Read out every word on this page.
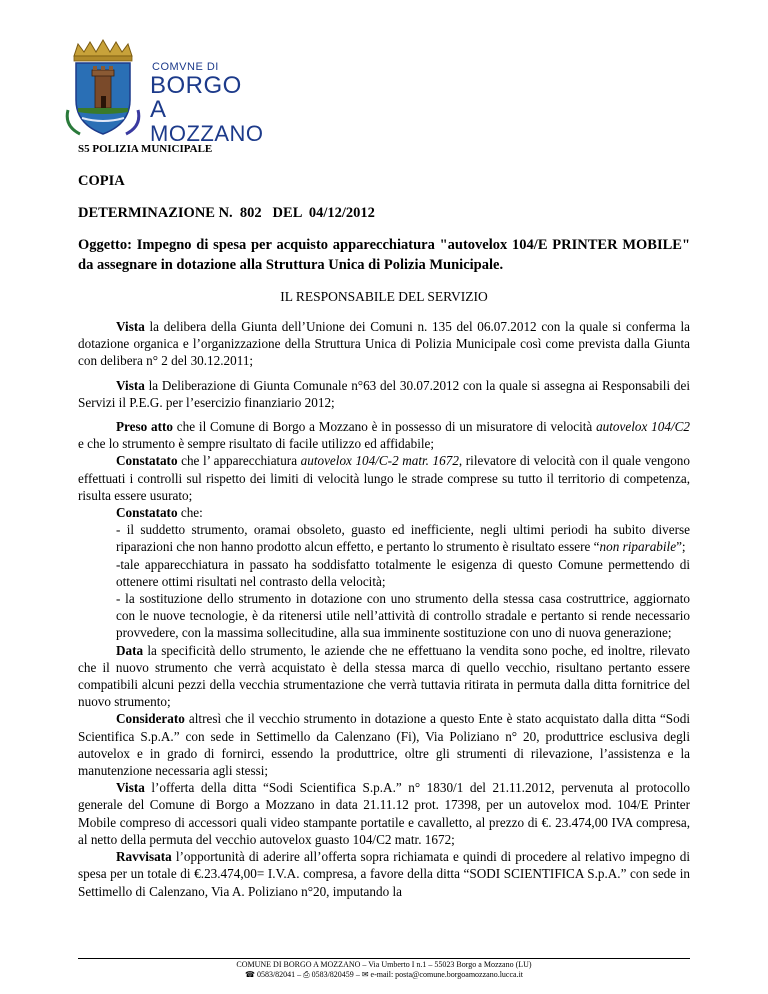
COMVNE DI
BORGO A
MOZZANO
S5 POLIZIA MUNICIPALE
COPIA
DETERMINAZIONE N.  802   DEL  04/12/2012
Oggetto: Impegno di spesa per acquisto apparecchiatura "autovelox 104/E PRINTER MOBILE" da assegnare in dotazione alla Struttura Unica di Polizia Municipale.
IL RESPONSABILE DEL SERVIZIO

Vista la delibera della Giunta dell’Unione dei Comuni n. 135 del 06.07.2012 con la quale si conferma la dotazione organica e l’organizzazione della Struttura Unica di Polizia Municipale così come prevista dalla Giunta con delibera n° 2 del 30.12.2011;

Vista la Deliberazione di Giunta Comunale n°63 del 30.07.2012 con la quale si assegna ai Responsabili dei Servizi il P.E.G. per l’esercizio finanziario 2012;

Preso atto che il Comune di Borgo a Mozzano è in possesso di un misuratore di velocità autovelox 104/C2 e che lo strumento è sempre risultato di facile utilizzo ed affidabile;

Constatato che l’ apparecchiatura autovelox 104/C-2 matr. 1672, rilevatore di velocità con il quale vengono effettuati i controlli sul rispetto dei limiti di velocità lungo le strade comprese su tutto il territorio di competenza, risulta essere usurato;

Constatato che:

- il suddetto strumento, oramai obsoleto, guasto ed inefficiente, negli ultimi periodi ha subito diverse riparazioni che non hanno prodotto alcun effetto, e pertanto lo strumento è risultato essere “non riparabile”;

-tale apparecchiatura in passato ha soddisfatto totalmente le esigenza di questo Comune permettendo di ottenere ottimi risultati nel contrasto della velocità;

- la sostituzione dello strumento in dotazione con uno strumento della stessa casa costruttrice, aggiornato con le nuove tecnologie, è da ritenersi utile nell’attività di controllo stradale e pertanto si rende necessario provvedere, con la massima sollecitudine, alla sua imminente sostituzione con uno di nuova generazione;

Data la specificità dello strumento, le aziende che ne effettuano la vendita sono poche, ed inoltre, rilevato che il nuovo strumento che verrà acquistato è della stessa marca di quello vecchio, risultano pertanto essere compatibili alcuni pezzi della vecchia strumentazione che verrà tuttavia ritirata in permuta dalla ditta fornitrice del nuovo strumento;

Considerato altresì che il vecchio strumento in dotazione a questo Ente è stato acquistato dalla ditta “Sodi Scientifica S.p.A.” con sede in Settimello da Calenzano (Fi), Via Poliziano n° 20, produttrice esclusiva degli autovelox e in grado di fornirci, essendo la produttrice, oltre gli strumenti di rilevazione, l’assistenza e la manutenzione necessaria agli stessi;

Vista l’offerta della ditta “Sodi Scientifica S.p.A.” n° 1830/1 del 21.11.2012, pervenuta al protocollo generale del Comune di Borgo a Mozzano in data 21.11.12 prot. 17398, per un autovelox mod. 104/E Printer Mobile compreso di accessori quali video stampante portatile e cavalletto, al prezzo di €. 23.474,00 IVA compresa, al netto della permuta del vecchio autovelox guasto 104/C2 matr. 1672;

Ravvisata l’opportunità di aderire all’offerta sopra richiamata e quindi di procedere al relativo impegno di spesa per un totale di €.23.474,00= I.V.A. compresa, a favore della ditta “SODI SCIENTIFICA S.p.A.” con sede in Settimello di Calenzano, Via A. Poliziano n°20, imputando la

COMUNE DI BORGO A MOZZANO – Via Umberto I n.1 – 55023 Borgo a Mozzano (LU)
☎ 0583/82041 – ⎙ 0583/820459 – ✉ e-mail: posta@comune.borgoamozzano.lucca.it
